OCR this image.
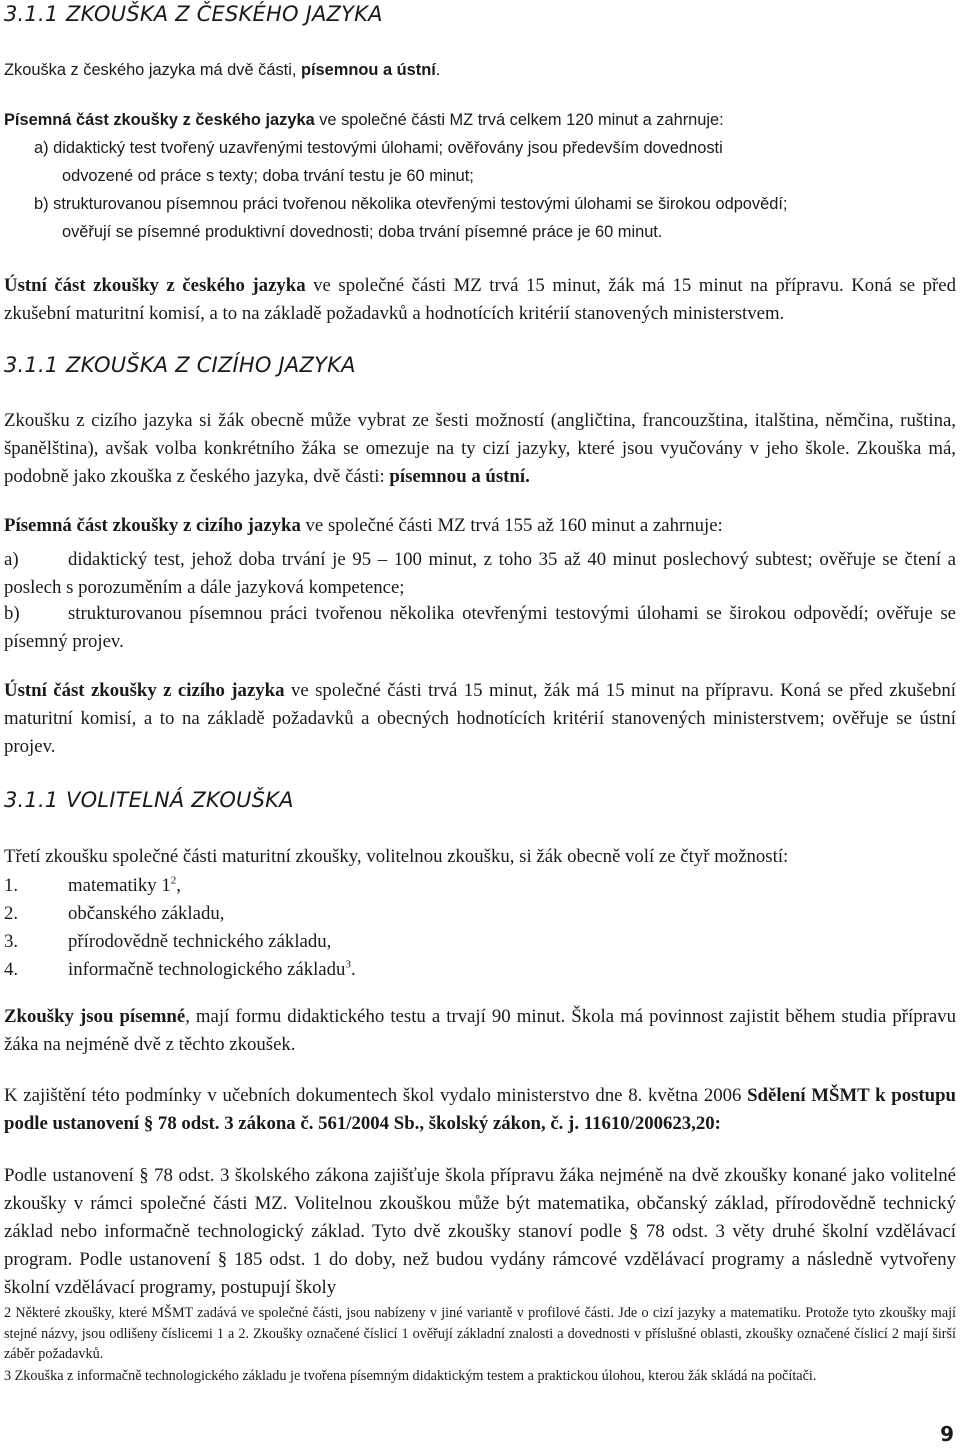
3.1.1 ZKOUŠKA Z ČESKÉHO JAZYKA

Zkouška z českého jazyka má dvě části, písemnou a ústní.

Písemná část zkoušky z českého jazyka ve společné části MZ trvá celkem 120 minut a zahrnuje:
a) didaktický test tvořený uzavřenými testovými úlohami; ověřovány jsou především dovednosti
odvozené od práce s texty; doba trvání testu je 60 minut;
b) strukturovanou písemnou práci tvořenou několika otevřenými testovými úlohami se širokou odpovědí;
ověřují se písemné produktivní dovednosti; doba trvání písemné práce je 60 minut.

Ústní část zkoušky z českého jazyka ve společné části MZ trvá 15 minut, žák má 15 minut na přípravu. Koná se před zkušební maturitní komisí, a to na základě požadavků a hodnotících kritérií stanovených ministerstvem.

3.1.1 ZKOUŠKA Z CIZÍHO JAZYKA

Zkoušku z cizího jazyka si žák obecně může vybrat ze šesti možností (angličtina, francouzština, italština, němčina, ruština, španělština), avšak volba konkrétního žáka se omezuje na ty cizí jazyky, které jsou vyučovány v jeho škole. Zkouška má, podobně jako zkouška z českého jazyka, dvě části: písemnou a ústní.

Písemná část zkoušky z cizího jazyka ve společné části MZ trvá 155 až 160 minut a zahrnuje:

a)	didaktický test, jehož doba trvání je 95 – 100 minut, z toho 35 až 40 minut poslechový subtest; ověřuje se čtení a poslech s porozuměním a dále jazyková kompetence;

b)	strukturovanou písemnou práci tvořenou několika otevřenými testovými úlohami se širokou odpovědí; ověřuje se písemný projev.

Ústní část zkoušky z cizího jazyka ve společné části trvá 15 minut, žák má 15 minut na přípravu. Koná se před zkušební maturitní komisí, a to na základě požadavků a obecných hodnotících kritérií stanovených ministerstvem; ověřuje se ústní projev.

3.1.1 VOLITELNÁ ZKOUŠKA

Třetí zkoušku společné části maturitní zkoušky, volitelnou zkoušku, si žák obecně volí ze čtyř možností:

1.	matematiky $1^2$,
2.	občanského základu,
3.	přírodovědně technického základu,
4.	informačně technologického základu$^3$.

Zkoušky jsou písemné, mají formu didaktického testu a trvají 90 minut. Škola má povinnost zajistit během studia přípravu žáka na nejméně dvě z těchto zkoušek.

K zajištění této podmínky v učebních dokumentech škol vydalo ministerstvo dne 8. května 2006 Sdělení MŠMT k postupu podle ustanovení § 78 odst. 3 zákona č. 561/2004 Sb., školský zákon, č. j. 11610/200623,20:

Podle ustanovení § 78 odst. 3 školského zákona zajišťuje škola přípravu žáka nejméně na dvě zkoušky konané jako volitelné zkoušky v rámci společné části MZ. Volitelnou zkouškou může být matematika, občanský základ, přírodovědně technický základ nebo informačně technologický základ. Tyto dvě zkoušky stanoví podle § 78 odst. 3 věty druhé školní vzdělávací program. Podle ustanovení § 185 odst. 1 do doby, než budou vydány rámcové vzdělávací programy a následně vytvořeny školní vzdělávací programy, postupují školy

2 Některé zkoušky, které MŠMT zadává ve společné části, jsou nabízeny v jiné variantě v profilové části. Jde o cizí jazyky a matematiku. Protože tyto zkoušky mají stejné názvy, jsou odlišeny číslicemi 1 a 2. Zkoušky označené číslicí 1 ověřují základní znalosti a dovednosti v příslušné oblasti, zkoušky označené číslicí 2 mají širší záběr požadavků.

3 Zkouška z informačně technologického základu je tvořena písemným didaktickým testem a praktickou úlohou, kterou žák skládá na počítači.

9
